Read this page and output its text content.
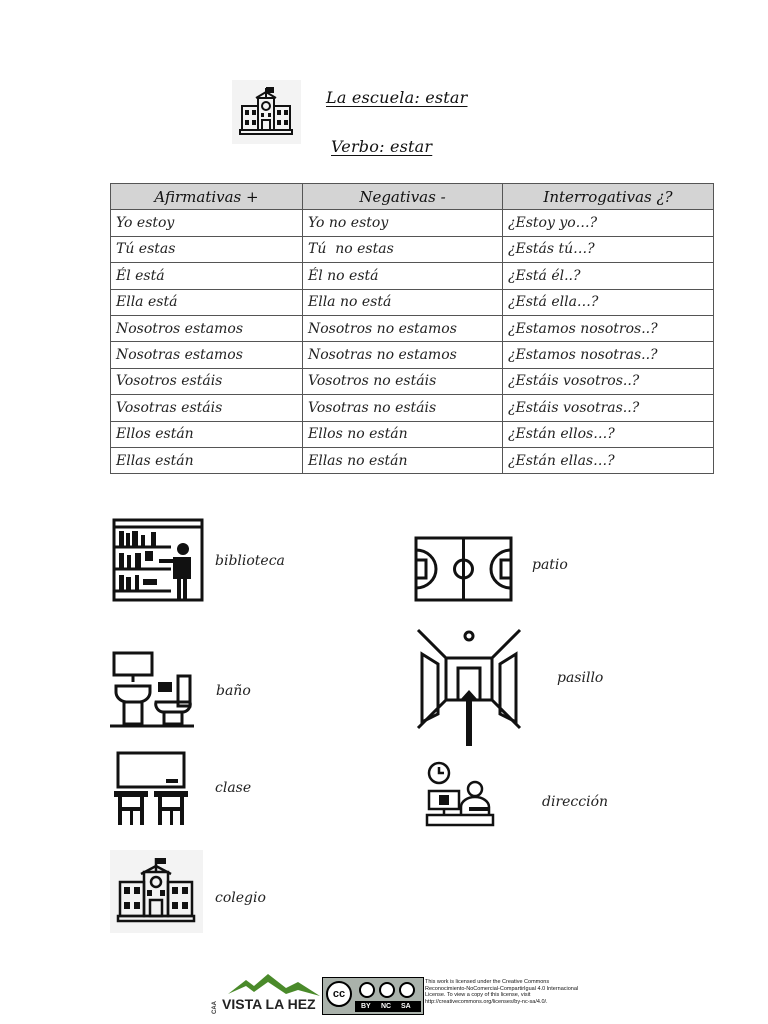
La escuela: estar
Verbo: estar
Afirmativas +	Negativas -	Interrogativas ¿?
Yo estoy	Yo no estoy	¿Estoy yo…?
Tú estas	Tú  no estas	¿Estás tú…?
Él está	Él no está	¿Está él..?
Ella está	Ella no está	¿Está ella…?
Nosotros estamos	Nosotros no estamos	¿Estamos nosotros..?
Nosotras estamos	Nosotras no estamos	¿Estamos nosotras..?
Vosotros estáis	Vosotros no estáis	¿Estáis vosotros..?
Vosotras estáis	Vosotras no estáis	¿Estáis vosotras..?
Ellos están	Ellos no están	¿Están ellos…?
Ellas están	Ellas no están	¿Están ellas…?
biblioteca	patio
baño
pasillo
clase
dirección
colegio
CAA VISTA LA HEZ
cc
BY NC SA
This work is licensed under the Creative Commons
Reconocimiento-NoComercial-CompartirIgual 4.0 Internacional
License. To view a copy of this license, visit
http://creativecommons.org/licenses/by-nc-sa/4.0/.
